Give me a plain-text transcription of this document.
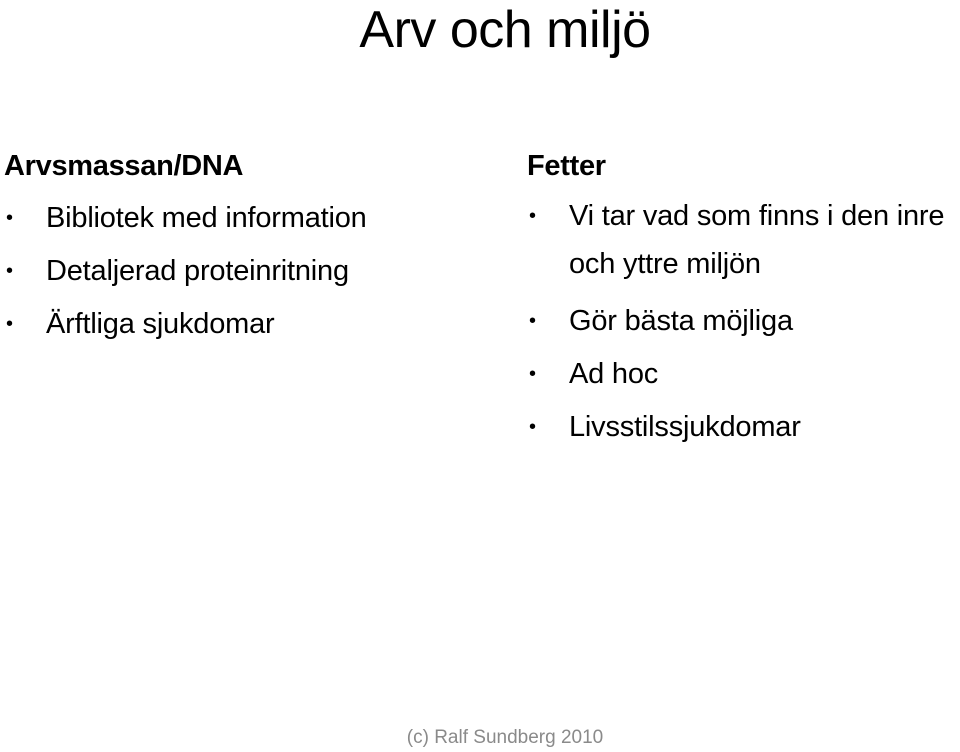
Arv och miljö
Arvsmassan/DNA
• Bibliotek med information
• Detaljerad proteinritning
• Ärftliga sjukdomar
Fetter
• Vi tar vad som finns i den inre och yttre miljön
• Gör bästa möjliga
• Ad hoc
• Livsstilssjukdomar
(c) Ralf Sundberg 2010
